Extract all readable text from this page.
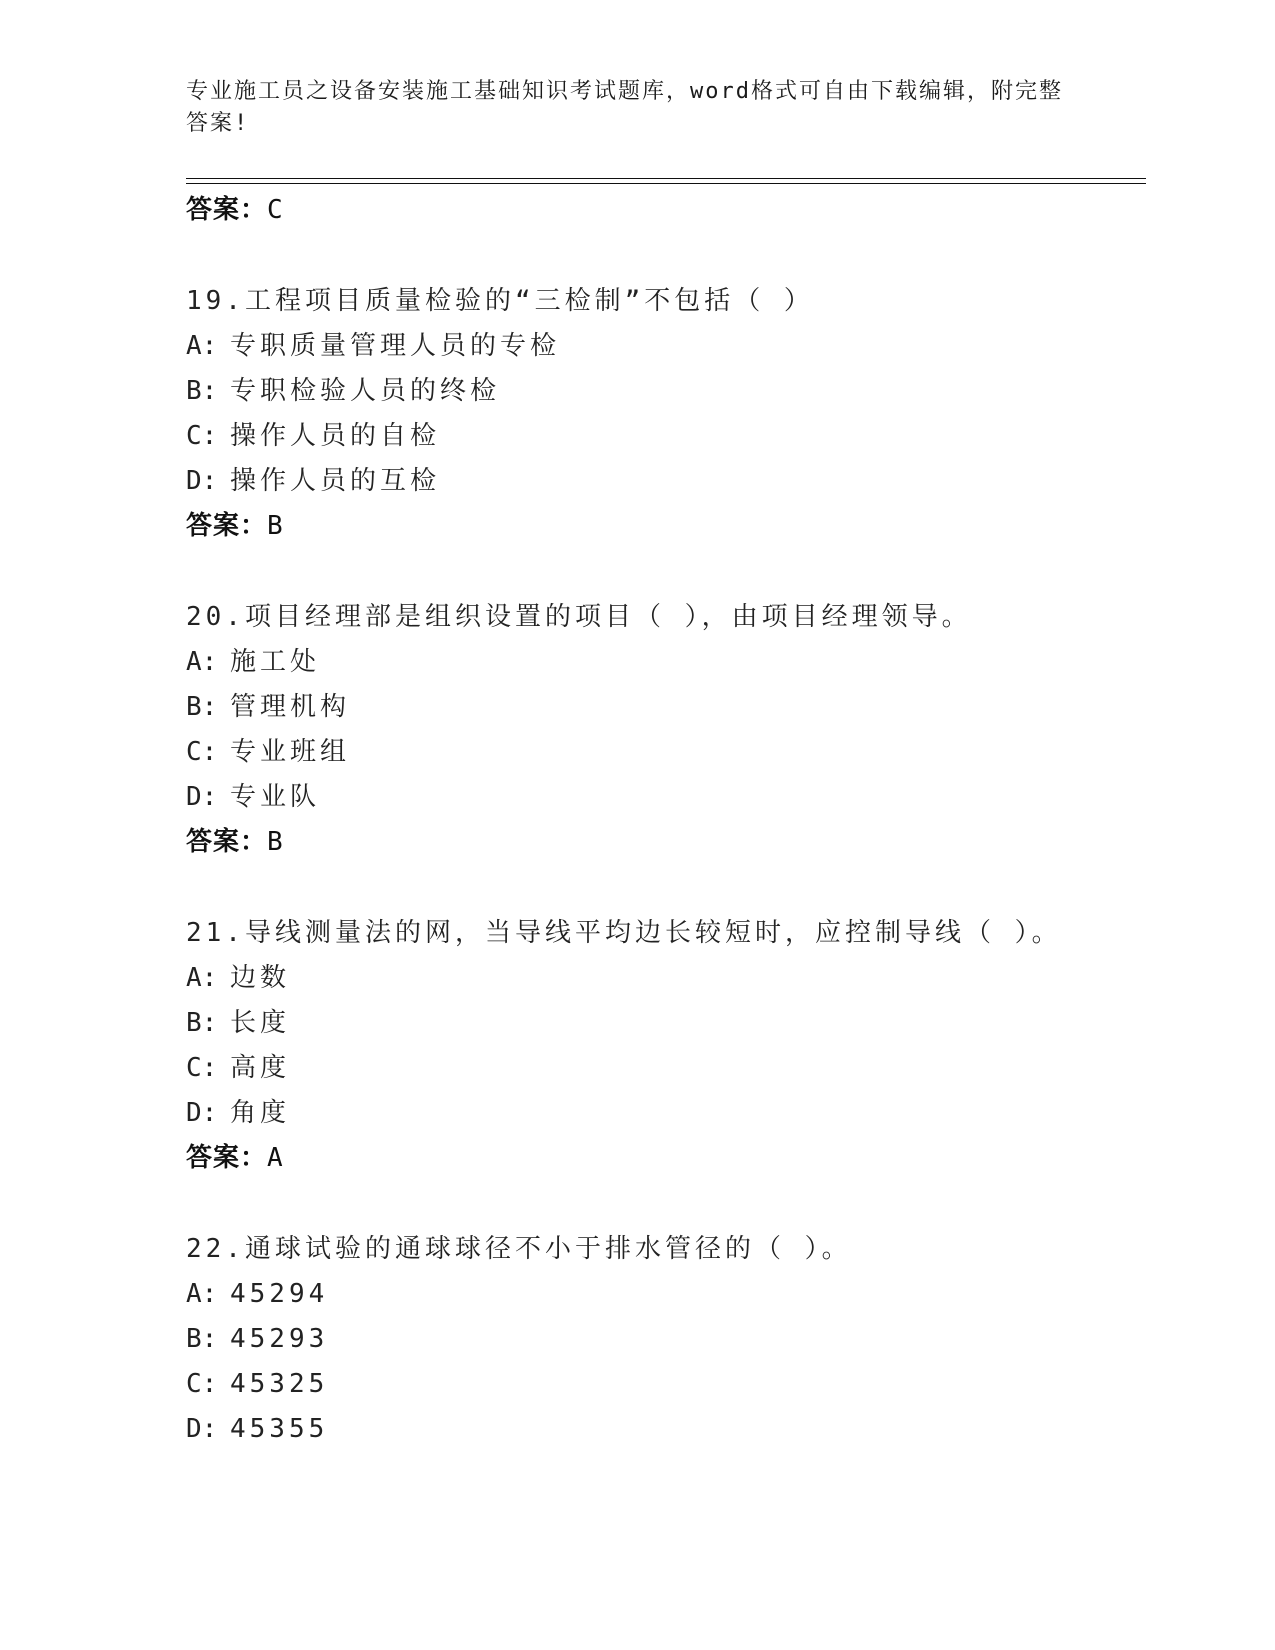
专业施工员之设备安装施工基础知识考试题库，word格式可自由下载编辑，附完整答案!
答案：C
19.工程项目质量检验的“三检制”不包括（ ）
A: 专职质量管理人员的专检
B: 专职检验人员的终检
C: 操作人员的自检
D: 操作人员的互检
答案：B
20.项目经理部是组织设置的项目（ ），由项目经理领导。
A: 施工处
B: 管理机构
C: 专业班组
D: 专业队
答案：B
21.导线测量法的网，当导线平均边长较短时，应控制导线（ ）。
A: 边数
B: 长度
C: 高度
D: 角度
答案：A
22.通球试验的通球球径不小于排水管径的（ ）。
A: 45294
B: 45293
C: 45325
D: 45355
